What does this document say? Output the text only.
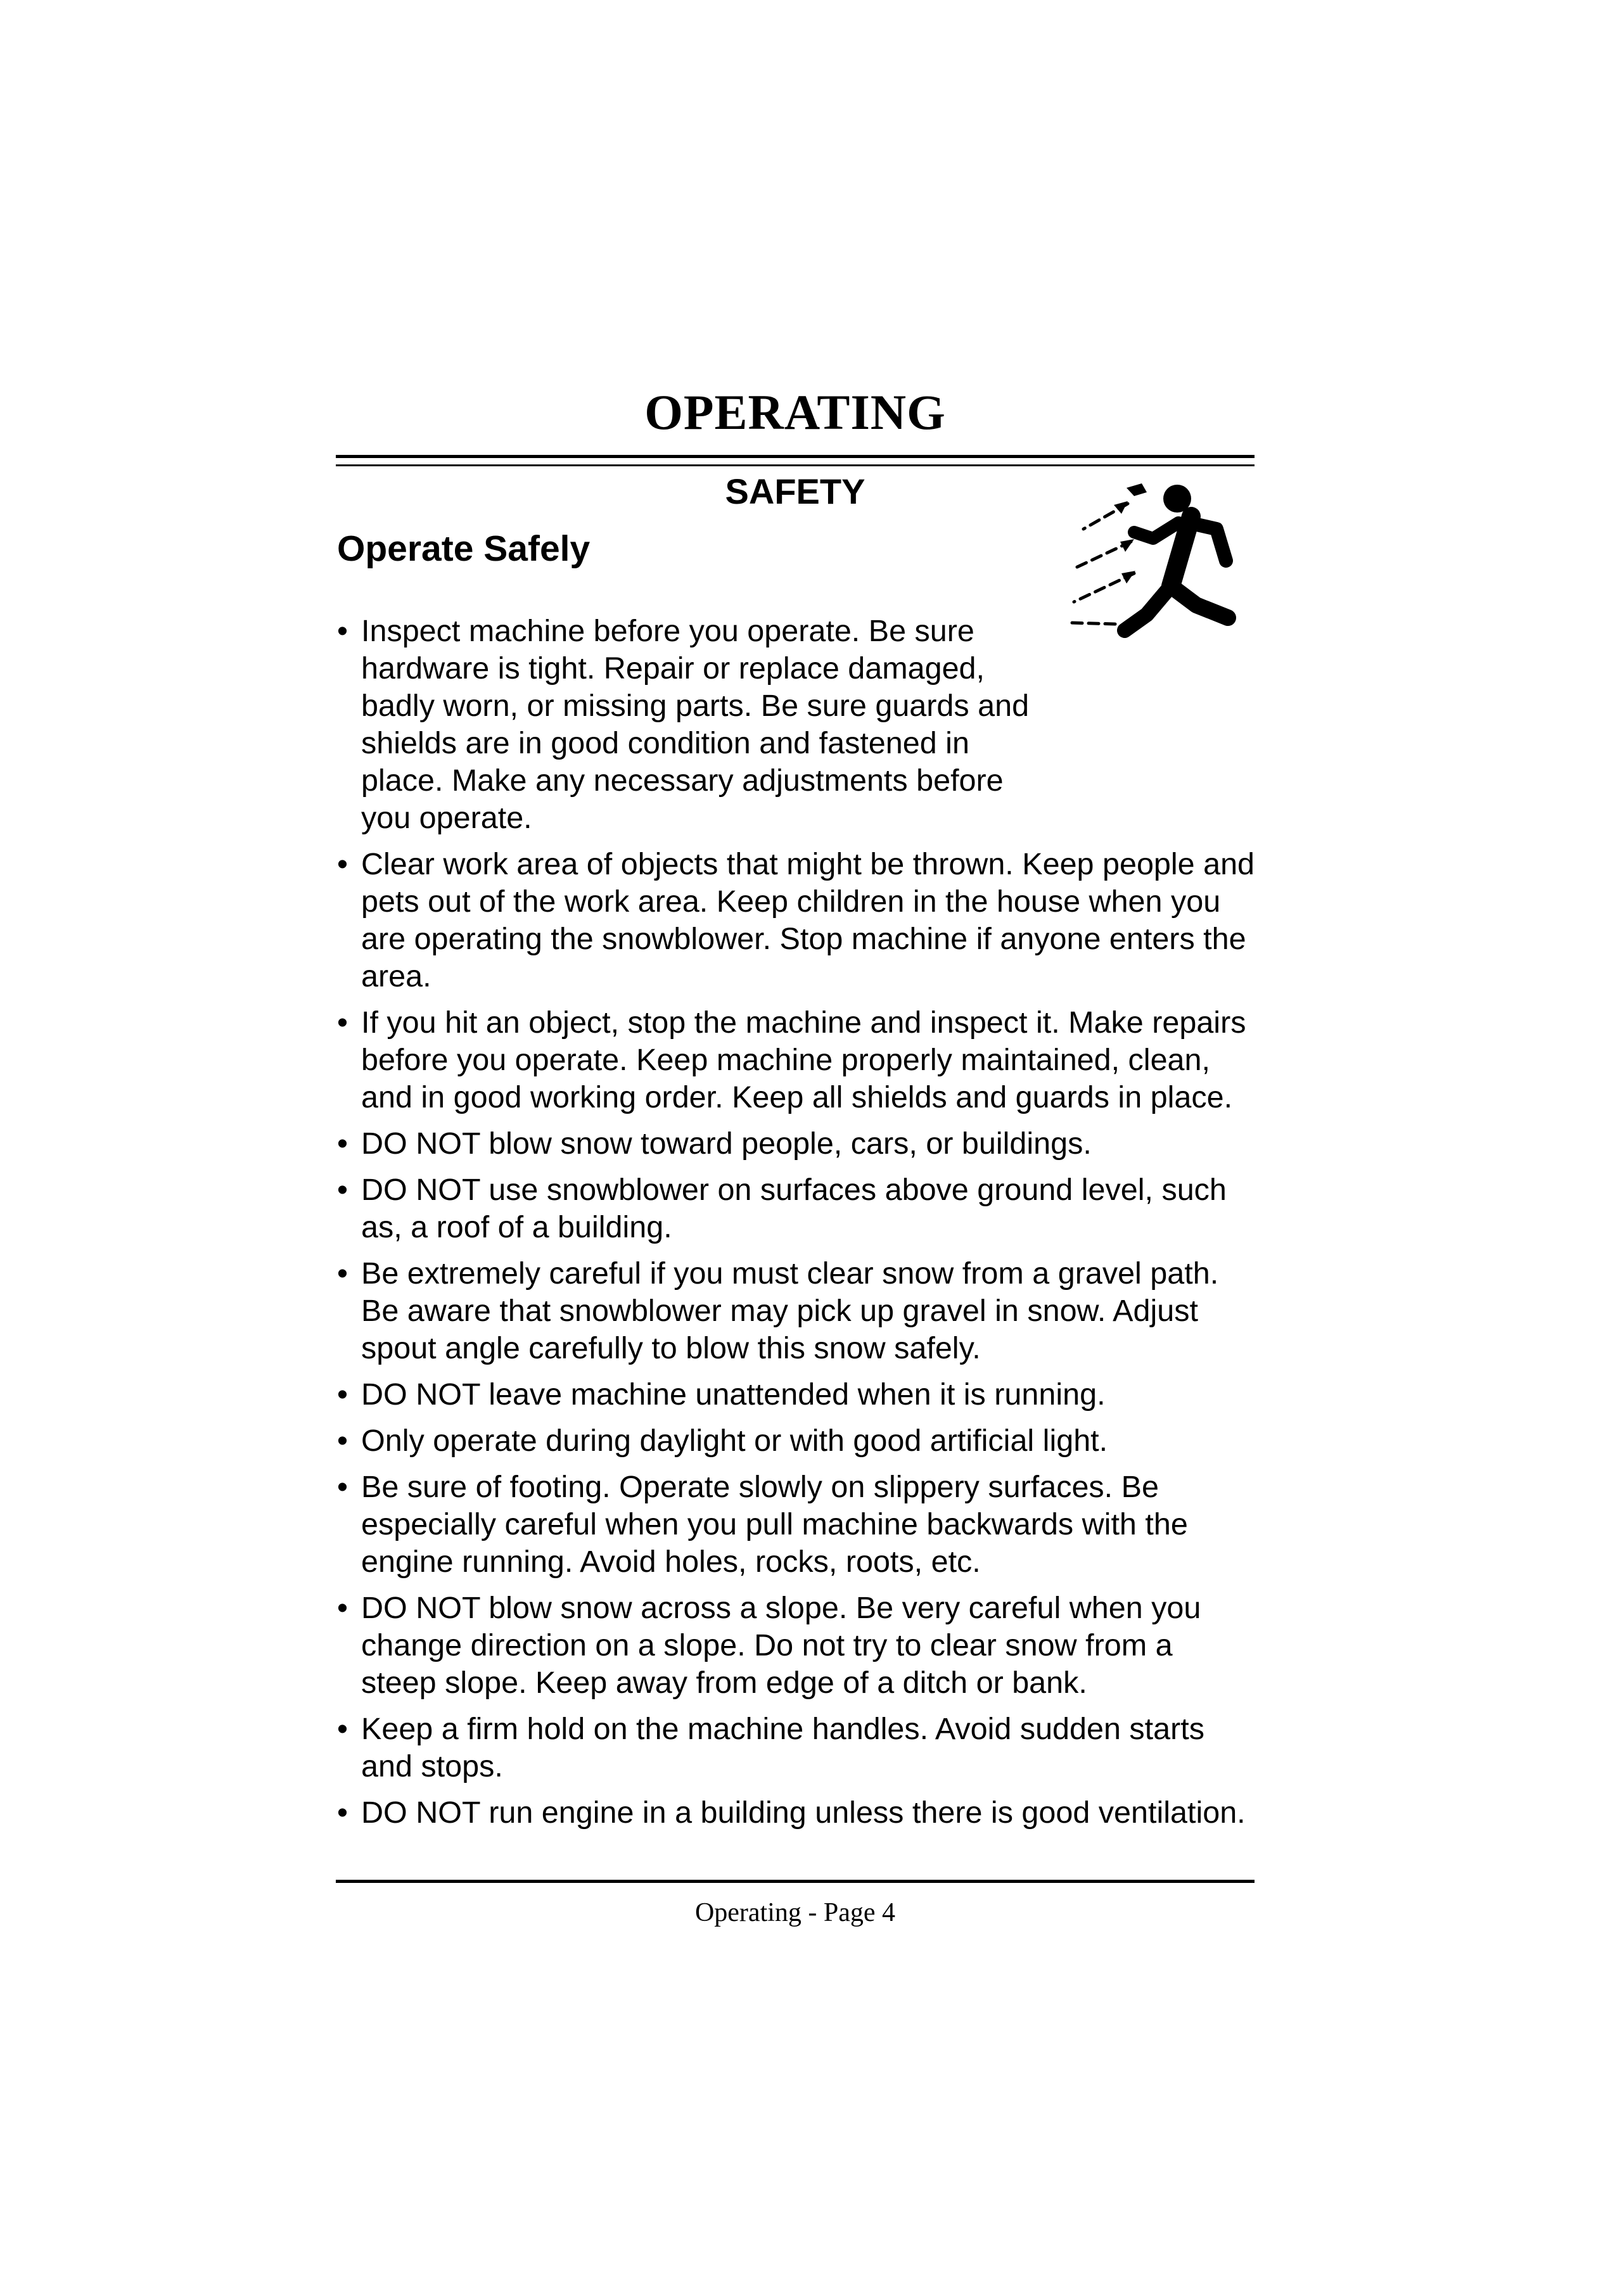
OPERATING
SAFETY
Operate Safely
• Inspect machine before you operate. Be sure hardware is tight. Repair or replace damaged, badly worn, or missing parts. Be sure guards and shields are in good condition and fastened in place. Make any necessary adjustments before you operate.
• Clear work area of objects that might be thrown. Keep people and pets out of the work area. Keep children in the house when you are operating the snowblower. Stop machine if anyone enters the area.
• If you hit an object, stop the machine and inspect it. Make repairs before you operate. Keep machine properly maintained, clean, and in good working order. Keep all shields and guards in place.
• DO NOT blow snow toward people, cars, or buildings.
• DO NOT use snowblower on surfaces above ground level, such as, a roof of a building.
• Be extremely careful if you must clear snow from a gravel path. Be aware that snowblower may pick up gravel in snow. Adjust spout angle carefully to blow this snow safely.
• DO NOT leave machine unattended when it is running.
• Only operate during daylight or with good artificial light.
• Be sure of footing. Operate slowly on slippery surfaces. Be especially careful when you pull machine backwards with the engine running. Avoid holes, rocks, roots, etc.
• DO NOT blow snow across a slope. Be very careful when you change direction on a slope. Do not try to clear snow from a steep slope. Keep away from edge of a ditch or bank.
• Keep a firm hold on the machine handles. Avoid sudden starts and stops.
• DO NOT run engine in a building unless there is good ventilation.
Operating - Page 4
